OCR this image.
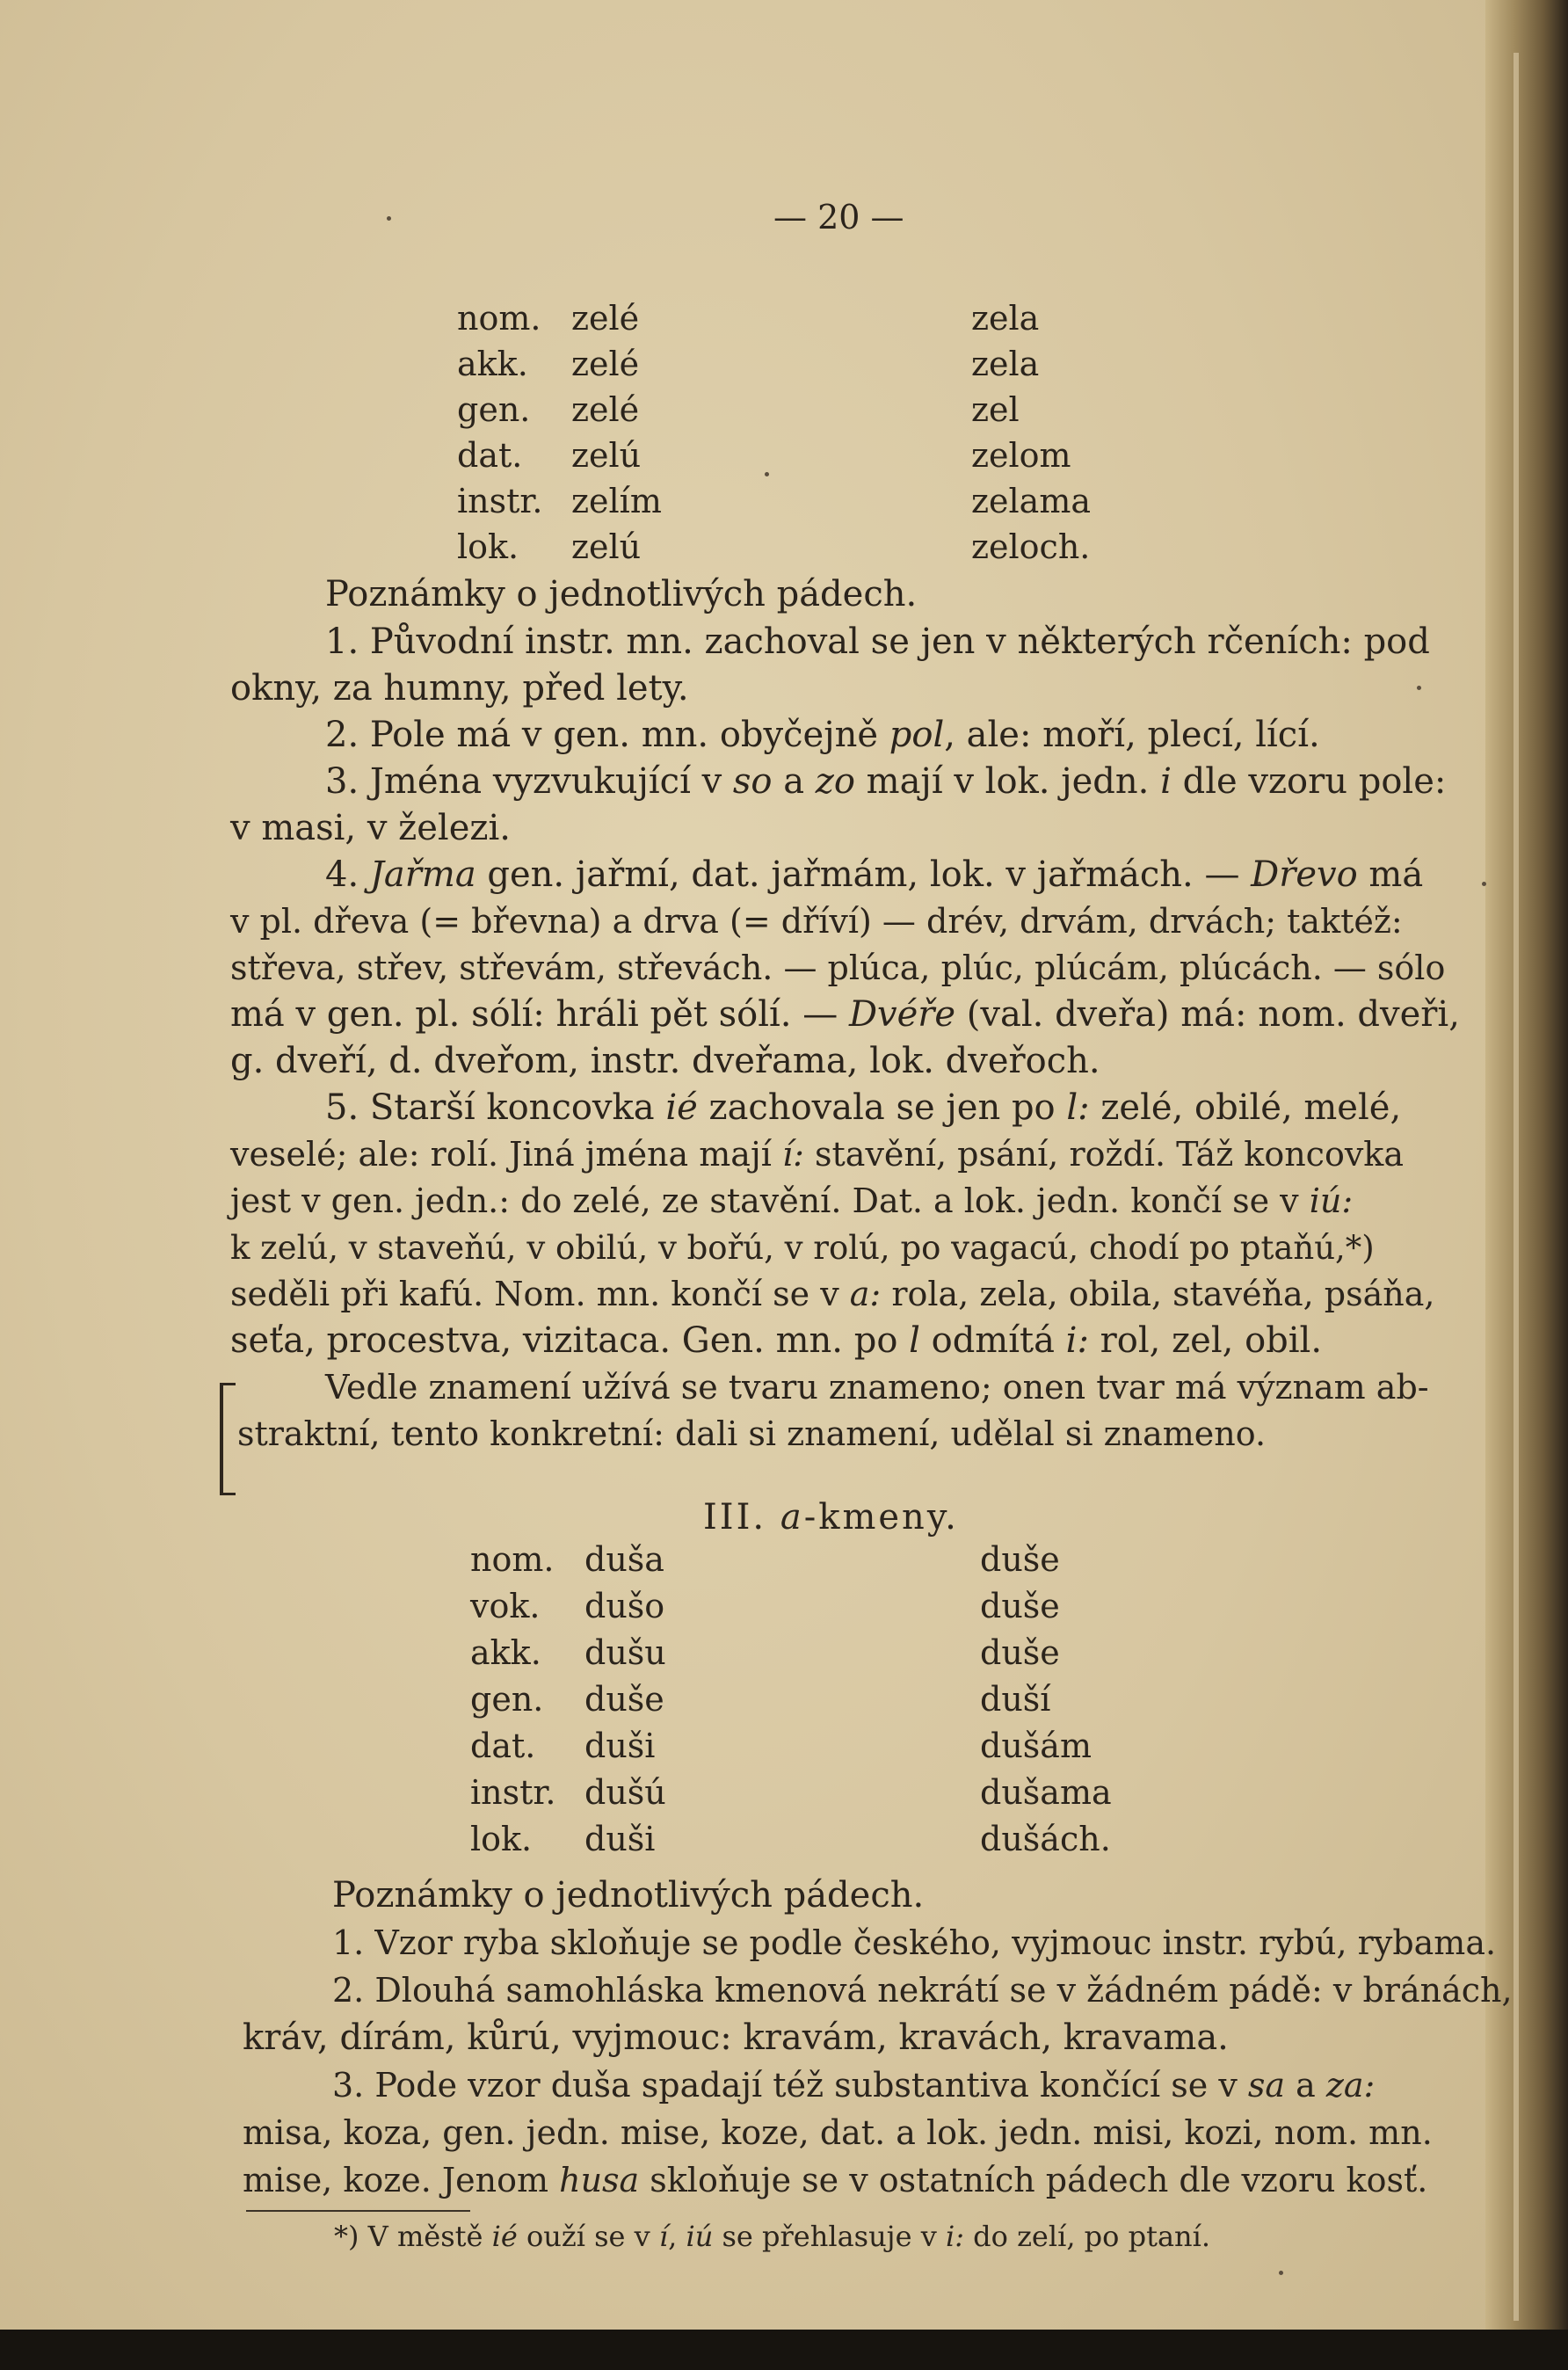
— 20 —
nom. zelé	zela
akk. zelé	zela
gen. zelé	zel
dat. zelú	zelom
instr. zelím	zelama
lok. zelú	zeloch.
Poznámky o jednotlivých pádech.
1. Původní instr. mn. zachoval se jen v některých rčeních: pod
okny, za humny, před lety.
2. Pole má v gen. mn. obyčejně pol, ale: moří, plecí, lící.
3. Jména vyzvukující v so a zo mají v lok. jedn. i dle vzoru pole:
v masi, v železi.
4. Jařma gen. jařmí, dat. jařmám, lok. v jařmách. — Dřevo má
v pl. dřeva (= břevna) a drva (= dříví) — drév, drvám, drvách; taktéž:
střeva, střev, střevám, střevách. — plúca, plúc, plúcám, plúcách. — sólo
má v gen. pl. sólí: hráli pět sólí. — Dvéře (val. dveřa) má: nom. dveři,
g. dveří, d. dveřom, instr. dveřama, lok. dveřoch.
5. Starší koncovka ié zachovala se jen po l: zelé, obilé, melé,
veselé; ale: rolí. Jiná jména mají í: stavění, psání, roždí. Táž koncovka
jest v gen. jedn.: do zelé, ze stavění. Dat. a lok. jedn. končí se v iú:
k zelú, v staveňú, v obilú, v bořú, v rolú, po vagacú, chodí po ptaňú,*)
seděli při kafú. Nom. mn. končí se v a: rola, zela, obila, stavéňa, psáňa,
seťa, procestva, vizitaca. Gen. mn. po l odmítá i: rol, zel, obil.
Vedle znamení užívá se tvaru znameno; onen tvar má význam ab-
straktní, tento konkretní: dali si znamení, udělal si znameno.
III. a-kmeny.
nom. duša	duše
vok. dušo	duše
akk. dušu	duše
gen. duše	duší
dat. duši	dušám
instr. dušú	dušama
lok. duši	dušách.
Poznámky o jednotlivých pádech.
1. Vzor ryba skloňuje se podle českého, vyjmouc instr. rybú, rybama.
2. Dlouhá samohláska kmenová nekrátí se v žádném pádě: v bránách,
kráv, dírám, kůrú, vyjmouc: kravám, kravách, kravama.
3. Pode vzor duša spadají též substantiva končící se v sa a za:
misa, koza, gen. jedn. mise, koze, dat. a lok. jedn. misi, kozi, nom. mn.
mise, koze. Jenom husa skloňuje se v ostatních pádech dle vzoru kosť.
*) V městě ié ouží se v í, iú se přehlasuje v i: do zelí, po ptaní.
